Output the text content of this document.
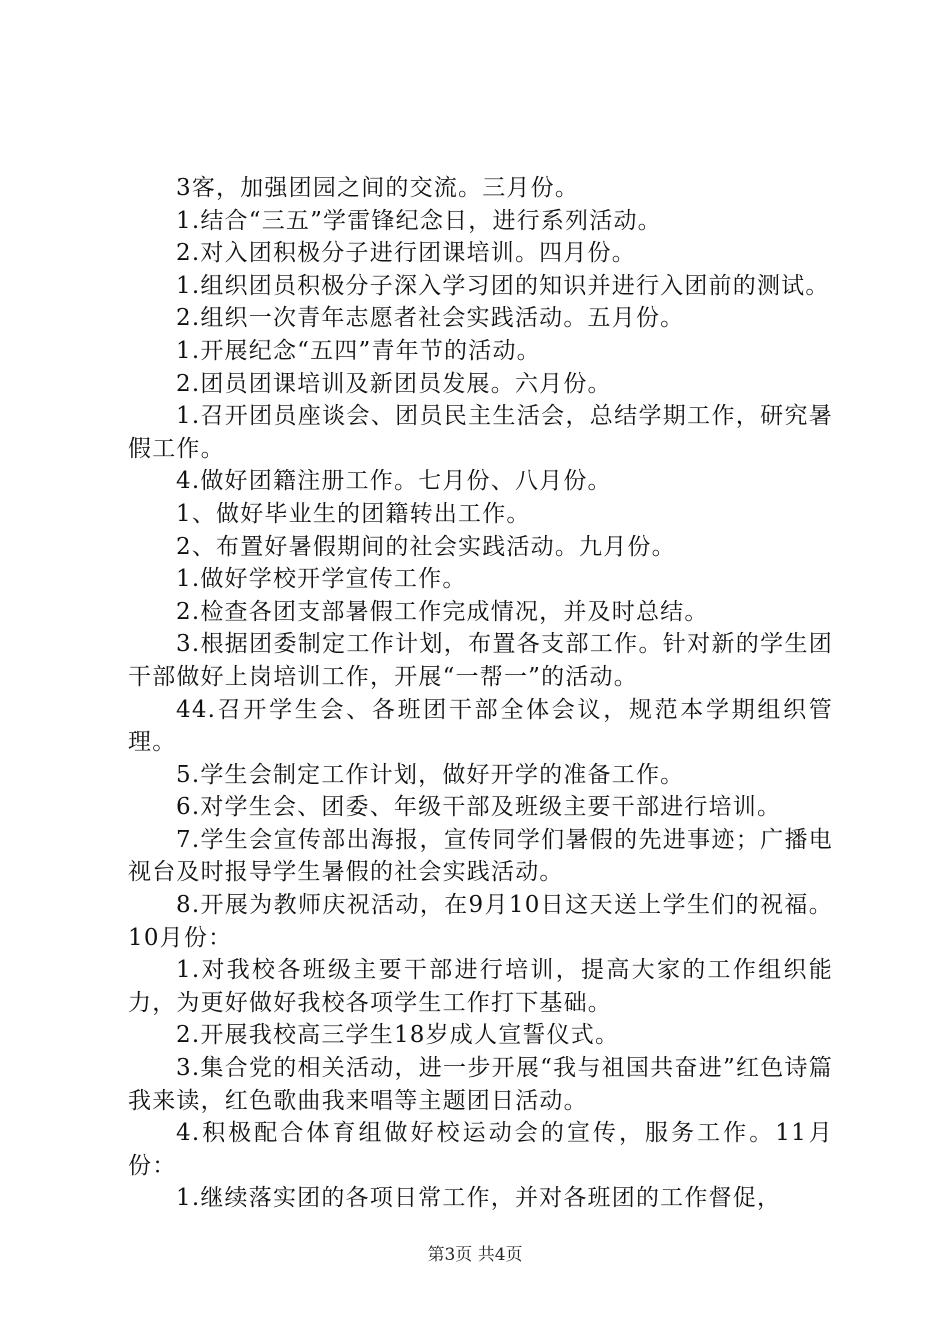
3客，加强团园之间的交流。三月份。

1.结合“三五”学雷锋纪念日，进行系列活动。

2.对入团积极分子进行团课培训。四月份。

1.组织团员积极分子深入学习团的知识并进行入团前的测试。

2.组织一次青年志愿者社会实践活动。五月份。

1.开展纪念“五四”青年节的活动。

2.团员团课培训及新团员发展。六月份。

1.召开团员座谈会、团员民主生活会，总结学期工作，研究暑假工作。

4.做好团籍注册工作。七月份、八月份。

1、做好毕业生的团籍转出工作。

2、布置好暑假期间的社会实践活动。九月份。

1.做好学校开学宣传工作。

2.检查各团支部暑假工作完成情况，并及时总结。

3.根据团委制定工作计划，布置各支部工作。针对新的学生团干部做好上岗培训工作，开展“一帮一”的活动。

44.召开学生会、各班团干部全体会议，规范本学期组织管理。

5.学生会制定工作计划，做好开学的准备工作。

6.对学生会、团委、年级干部及班级主要干部进行培训。

7.学生会宣传部出海报，宣传同学们暑假的先进事迹；广播电视台及时报导学生暑假的社会实践活动。

8.开展为教师庆祝活动，在9月10日这天送上学生们的祝福。10月份：

1.对我校各班级主要干部进行培训，提高大家的工作组织能力，为更好做好我校各项学生工作打下基础。

2.开展我校高三学生18岁成人宣誓仪式。

3.集合党的相关活动，进一步开展“我与祖国共奋进”红色诗篇我来读，红色歌曲我来唱等主题团日活动。

4.积极配合体育组做好校运动会的宣传，服务工作。11月份：

1.继续落实团的各项日常工作，并对各班团的工作督促，

第3页 共4页
